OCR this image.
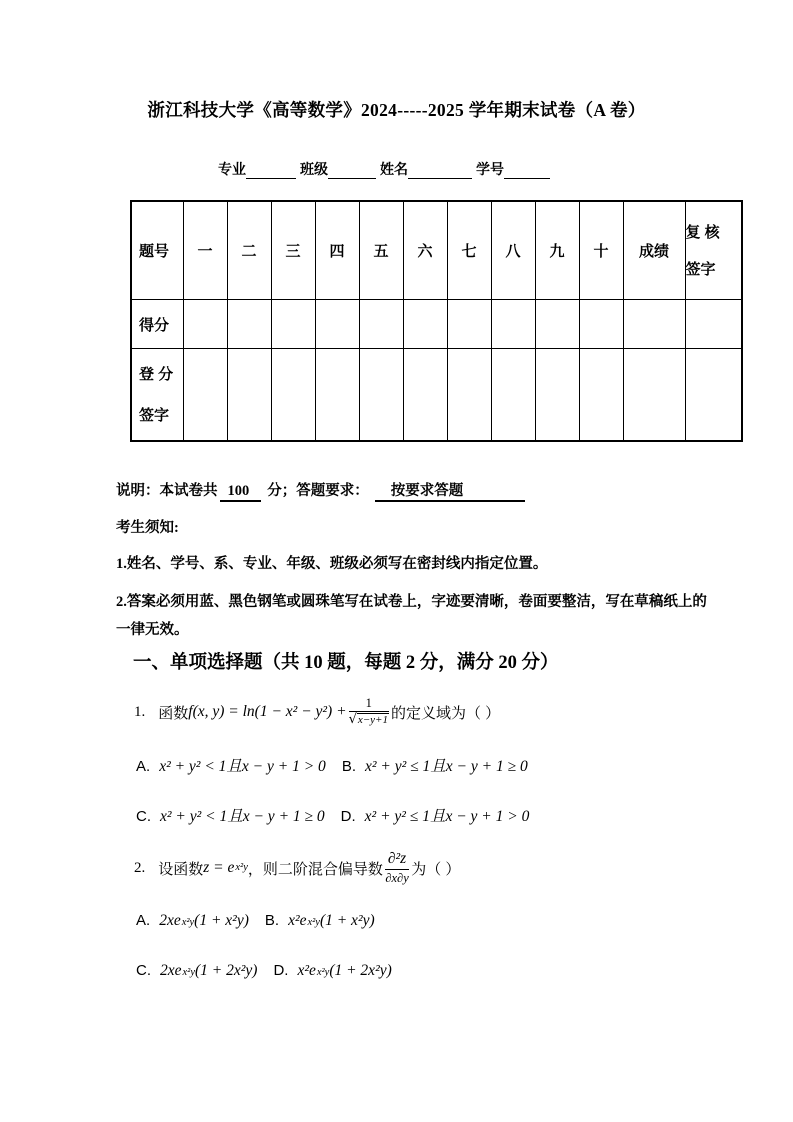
浙江科技大学《高等数学》2024-----2025 学年期末试卷（A 卷）
专业	班级	姓名	学号
题号	一	二	三	四	五	六	七	八	九	十	成绩	复 核
签字

得分												

登 分
签字												

说明：本试卷共 100 分；答题要求： 按要求答题
考生须知:
1.姓名、学号、系、专业、年级、班级必须写在密封线内指定位置。
2.答案必须用蓝、黑色钢笔或圆珠笔写在试卷上，字迹要清晰，卷面要整洁，写在草稿纸上的一律无效。
一、单项选择题（共 10 题，每题 2 分，满分 20 分）
1. 函数 f(x, $y) = \ln(1 - x^2 - y^2) + \frac{1}{√ x-y+1}$ 的定义域为（ ）
A. x² + y² < 1且x − y + 1 > 0 B. x² + y² ≤ 1且x − y + 1 ≥ 0
C. x² + y² < 1且x − y + 1 ≥ 0 D. x² + y² ≤ 1且x − y + 1 > 0
2. 设函数 z = e x²y ，则二阶混合偏导数 $\frac{\text{∂²z}}{\partial x\partial y}$ 为（ ）
A. 2xe x²y (1 + x²y) B. x²e x²y (1 + x²y)
C. 2xe x²y (1 + 2x²y) D. x²e x²y (1 + 2x²y)
